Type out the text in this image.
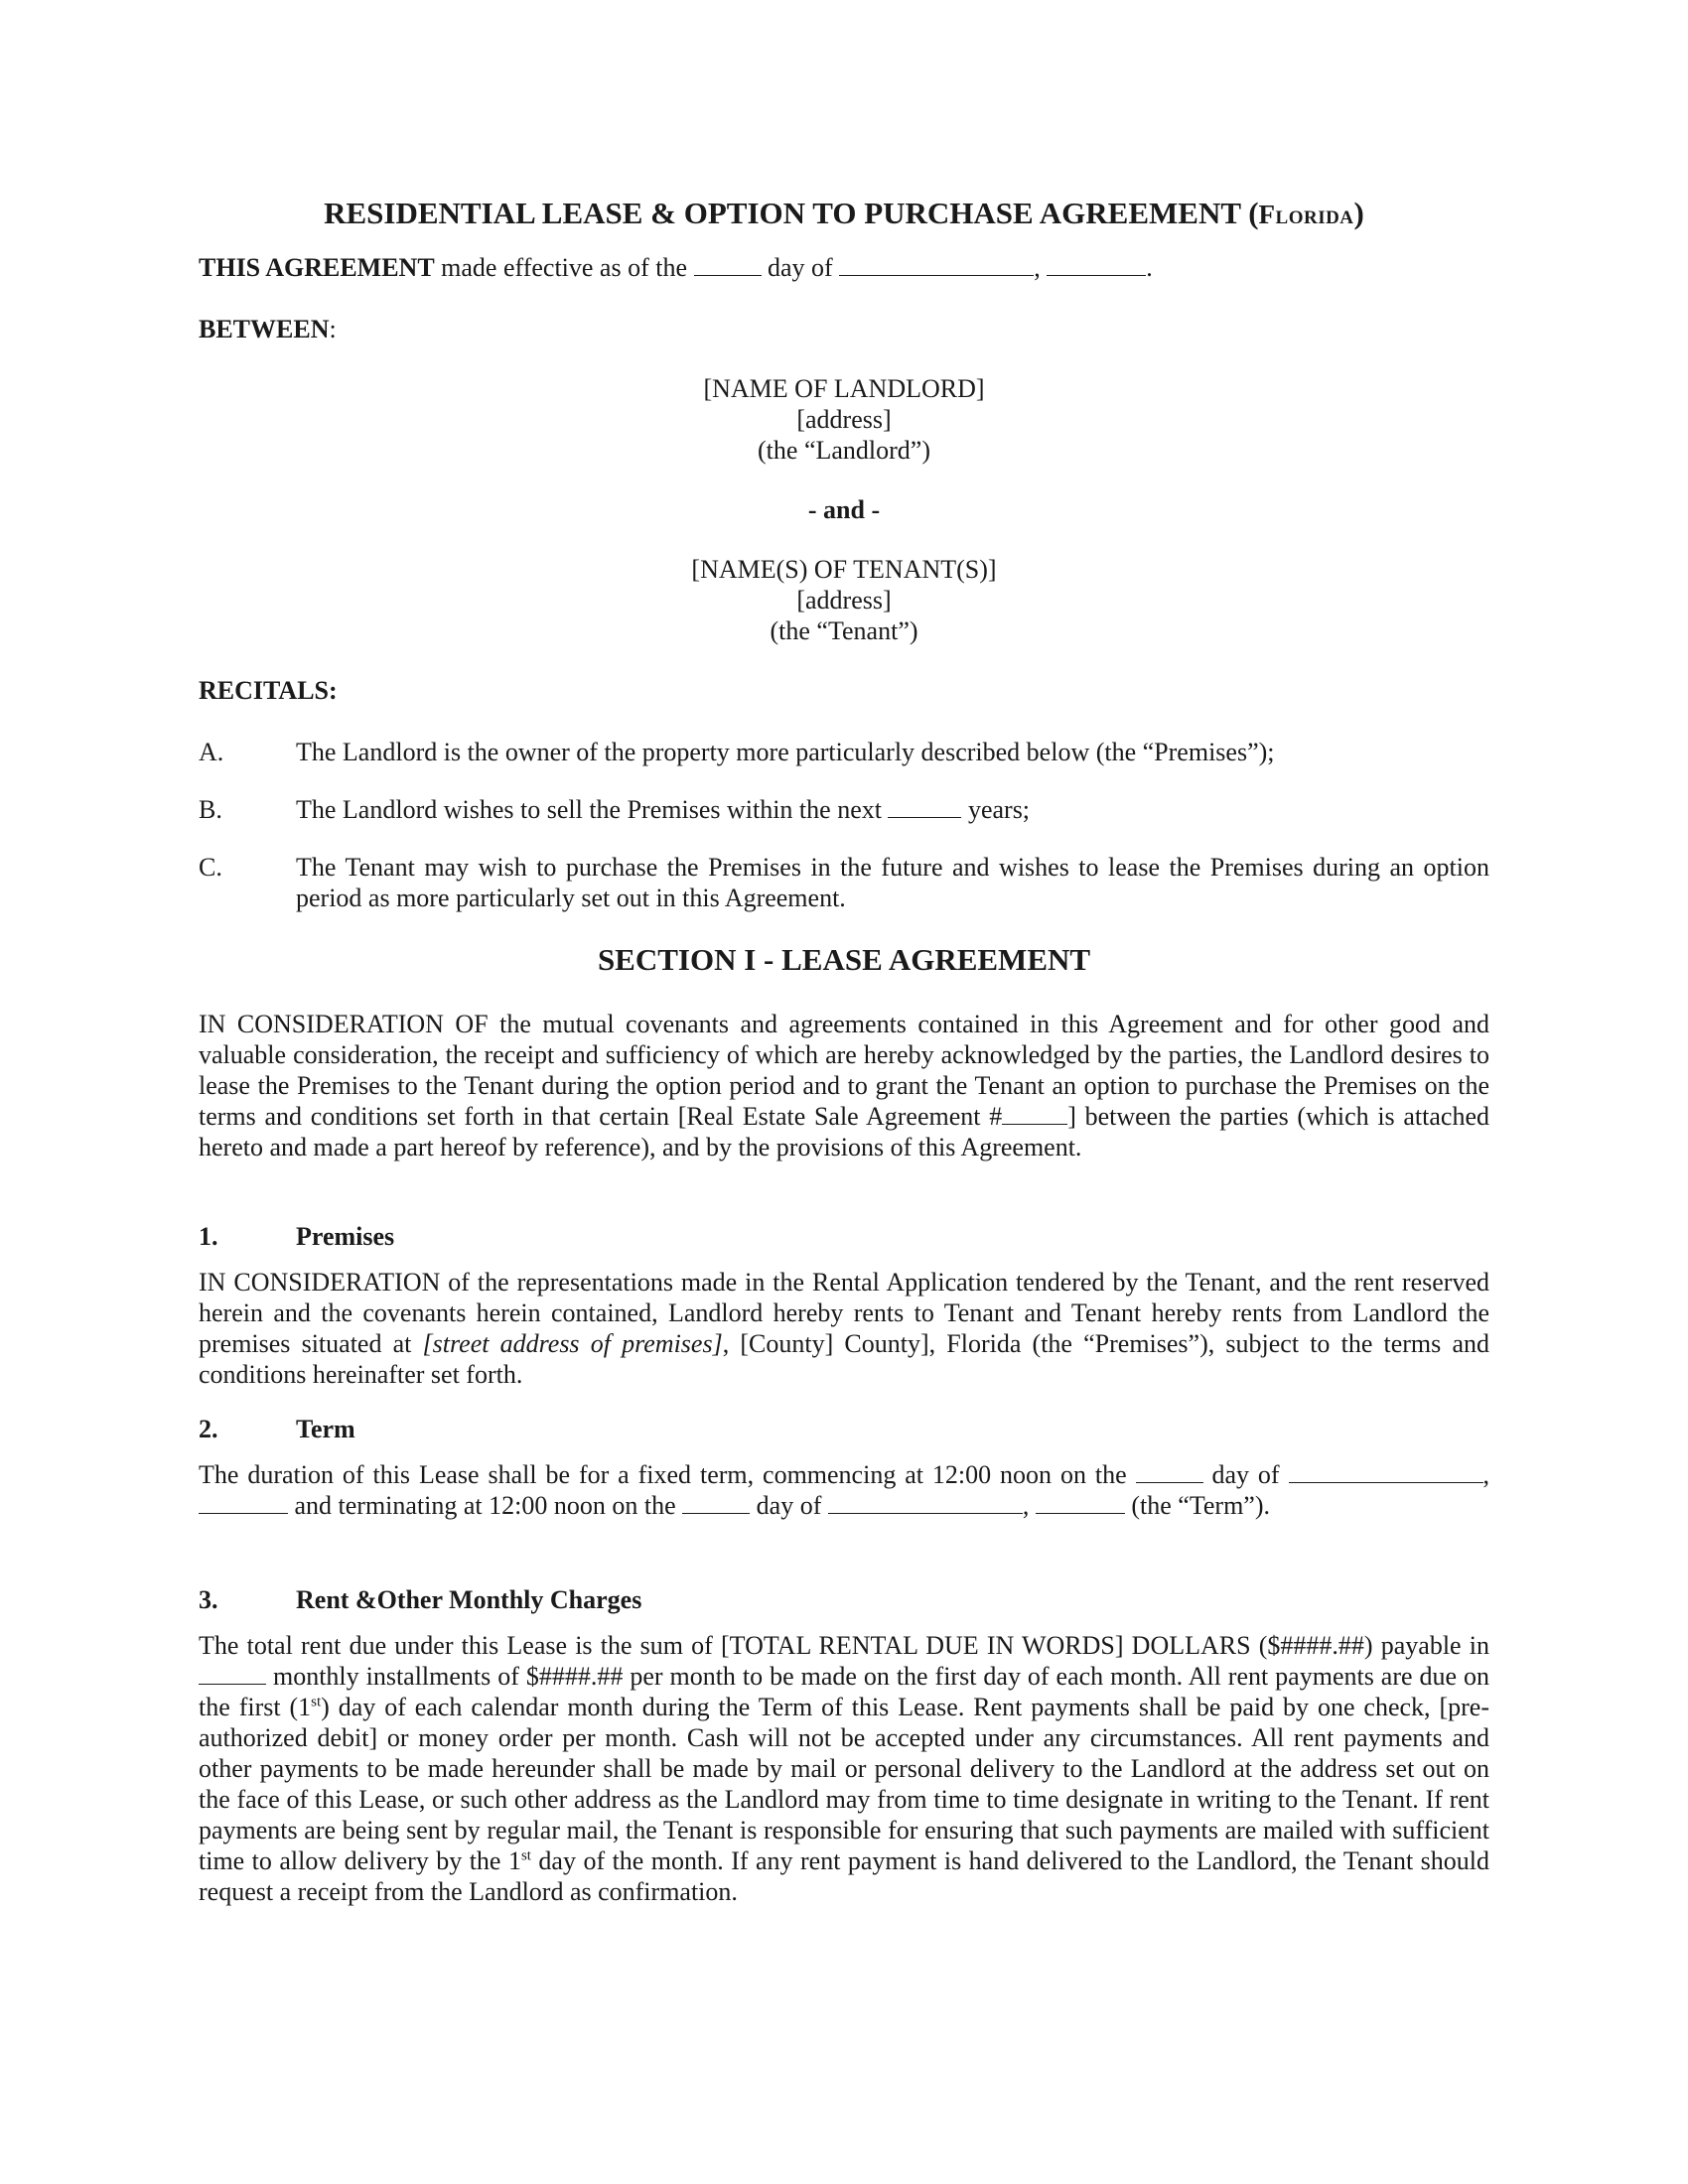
RESIDENTIAL LEASE & OPTION TO PURCHASE AGREEMENT (Florida)
THIS AGREEMENT made effective as of the	day of	,	.
BETWEEN:
[NAME OF LANDLORD]
[address]
(the “Landlord”)
- and -
[NAME(S) OF TENANT(S)]
[address]
(the “Tenant”)
RECITALS:
A.	The Landlord is the owner of the property more particularly described below (the “Premises”);
B.	The Landlord wishes to sell the Premises within the next	years;
C.	The Tenant may wish to purchase the Premises in the future and wishes to lease the Premises during an option period as more particularly set out in this Agreement.
SECTION I - LEASE AGREEMENT
IN CONSIDERATION OF the mutual covenants and agreements contained in this Agreement and for other good and valuable consideration, the receipt and sufficiency of which are hereby acknowledged by the parties, the Landlord desires to lease the Premises to the Tenant during the option period and to grant the Tenant an option to purchase the Premises on the terms and conditions set forth in that certain [Real Estate Sale Agreement #	] between the parties (which is attached hereto and made a part hereof by reference), and by the provisions of this Agreement.
1.	Premises
IN CONSIDERATION of the representations made in the Rental Application tendered by the Tenant, and the rent reserved herein and the covenants herein contained, Landlord hereby rents to Tenant and Tenant hereby rents from Landlord the premises situated at [street address of premises], [County] County], Florida (the “Premises”), subject to the terms and conditions hereinafter set forth.
2.	Term
The duration of this Lease shall be for a fixed term, commencing at 12:00 noon on the	day of	,  and terminating at 12:00 noon on the	day of	,	(the “Term”).
3.	Rent &Other Monthly Charges
The total rent due under this Lease is the sum of [TOTAL RENTAL DUE IN WORDS] DOLLARS ($####.##) payable in  monthly installments of $####.## per month to be made on the first day of each month. All rent payments are due on the first (1st) day of each calendar month during the Term of this Lease. Rent payments shall be paid by one check, [pre-authorized debit] or money order per month. Cash will not be accepted under any circumstances. All rent payments and other payments to be made hereunder shall be made by mail or personal delivery to the Landlord at the address set out on the face of this Lease, or such other address as the Landlord may from time to time designate in writing to the Tenant. If rent payments are being sent by regular mail, the Tenant is responsible for ensuring that such payments are mailed with sufficient time to allow delivery by the 1st day of the month. If any rent payment is hand delivered to the Landlord, the Tenant should request a receipt from the Landlord as confirmation.
